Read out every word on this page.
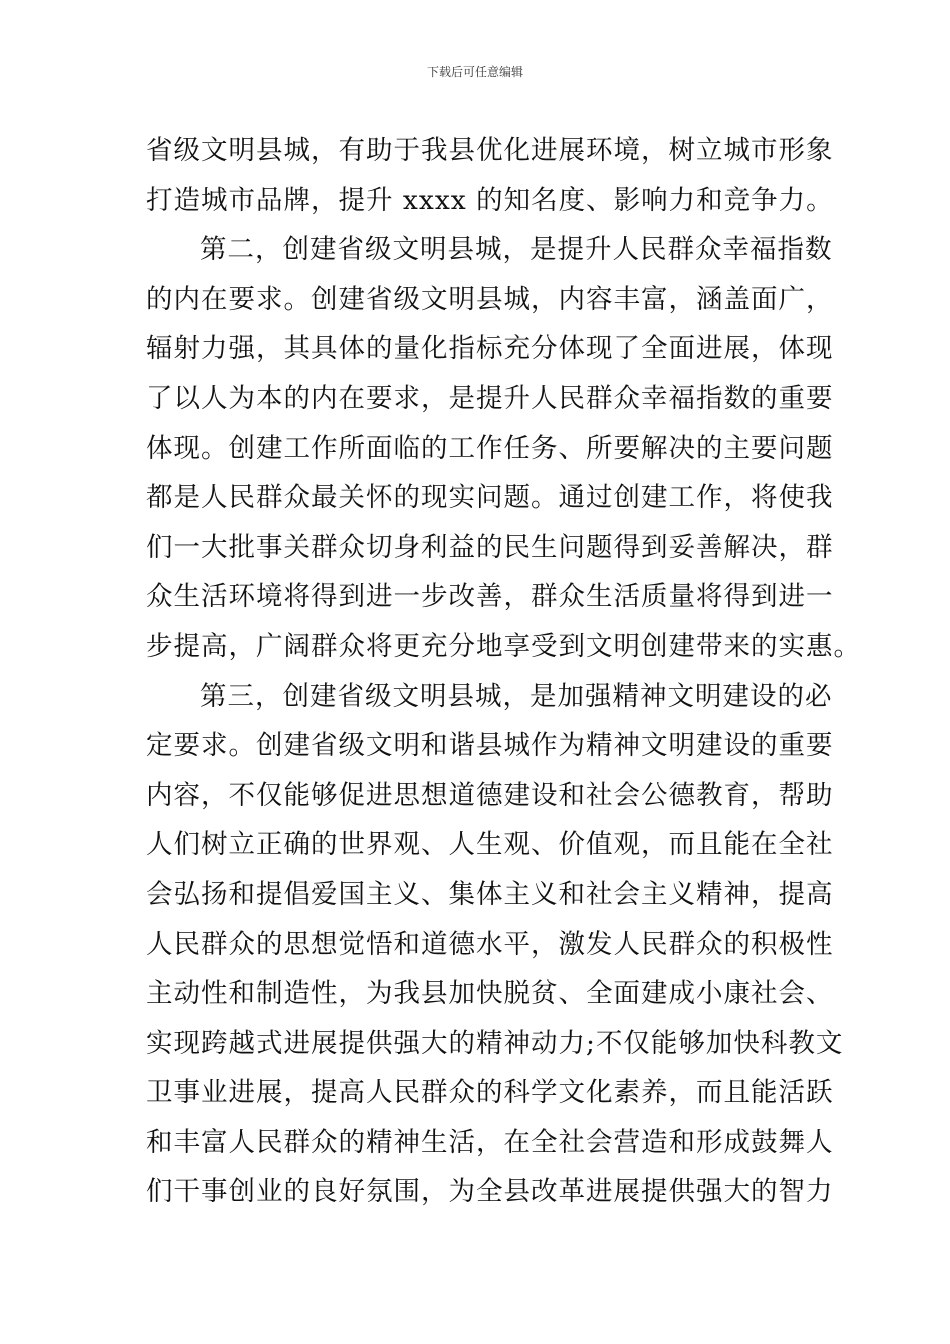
下载后可任意编辑
省级文明县城，有助于我县优化进展环境，树立城市形象
打造城市品牌，提升 xxxx 的知名度、影响力和竞争力。
第二，创建省级文明县城，是提升人民群众幸福指数
的内在要求。创建省级文明县城，内容丰富，涵盖面广，
辐射力强，其具体的量化指标充分体现了全面进展，体现
了以人为本的内在要求，是提升人民群众幸福指数的重要
体现。创建工作所面临的工作任务、所要解决的主要问题
都是人民群众最关怀的现实问题。通过创建工作，将使我
们一大批事关群众切身利益的民生问题得到妥善解决，群
众生活环境将得到进一步改善，群众生活质量将得到进一
步提高，广阔群众将更充分地享受到文明创建带来的实惠。
第三，创建省级文明县城，是加强精神文明建设的必
定要求。创建省级文明和谐县城作为精神文明建设的重要
内容，不仅能够促进思想道德建设和社会公德教育，帮助
人们树立正确的世界观、人生观、价值观，而且能在全社
会弘扬和提倡爱国主义、集体主义和社会主义精神，提高
人民群众的思想觉悟和道德水平，激发人民群众的积极性
主动性和制造性，为我县加快脱贫、全面建成小康社会、
实现跨越式进展提供强大的精神动力;不仅能够加快科教文
卫事业进展，提高人民群众的科学文化素养，而且能活跃
和丰富人民群众的精神生活，在全社会营造和形成鼓舞人
们干事创业的良好氛围，为全县改革进展提供强大的智力
